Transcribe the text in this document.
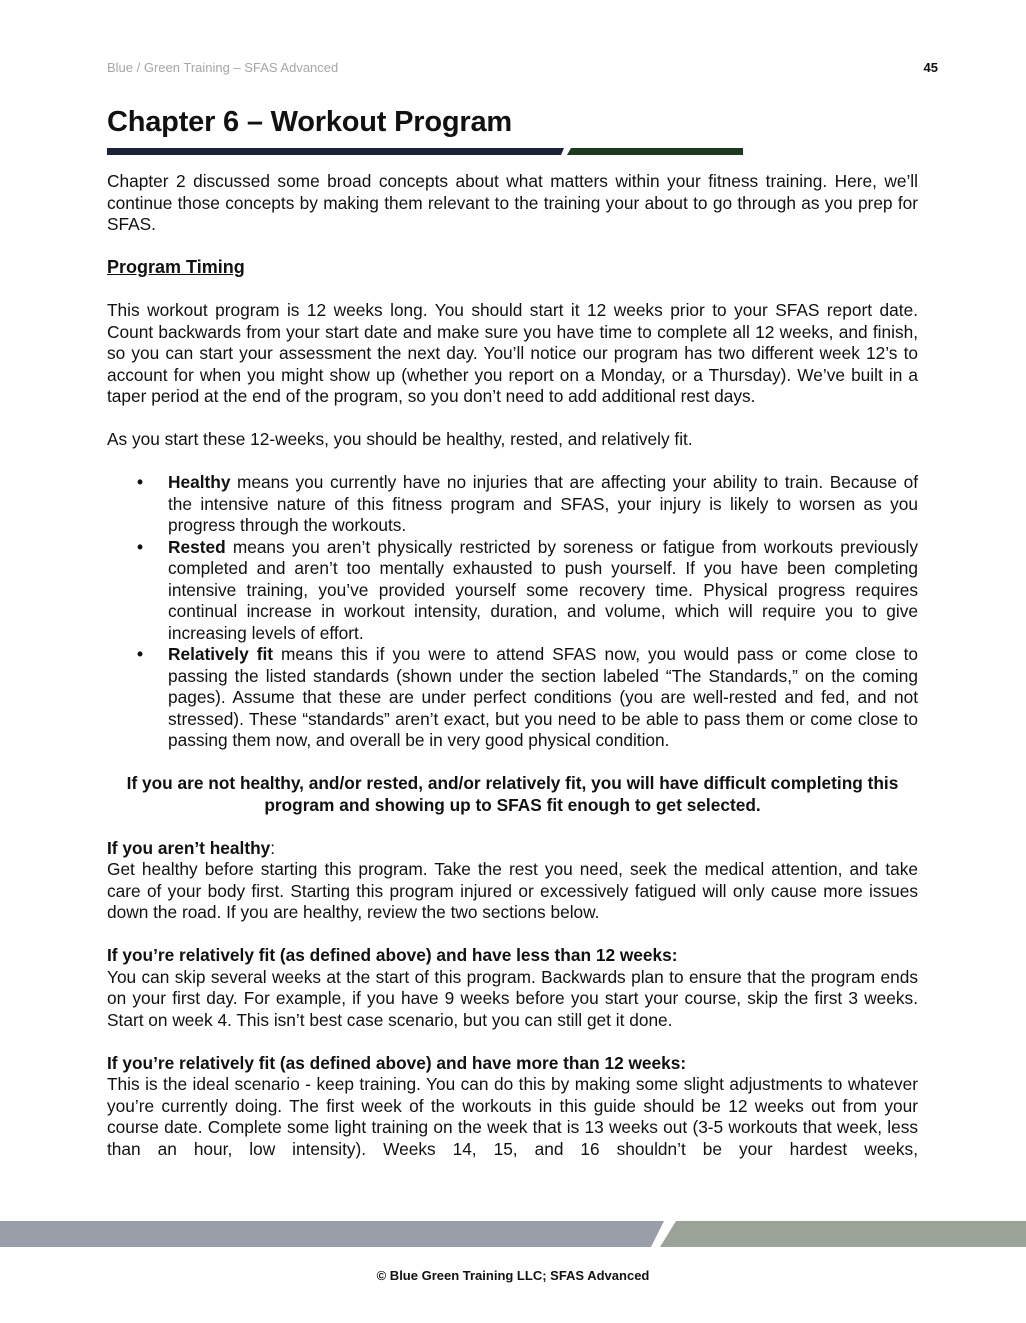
Blue / Green Training – SFAS Advanced	45
Chapter 6 – Workout Program

Chapter 2 discussed some broad concepts about what matters within your fitness training. Here, we’ll continue those concepts by making them relevant to the training your about to go through as you prep for SFAS.

Program Timing

This workout program is 12 weeks long. You should start it 12 weeks prior to your SFAS report date. Count backwards from your start date and make sure you have time to complete all 12 weeks, and finish, so you can start your assessment the next day. You’ll notice our program has two different week 12’s to account for when you might show up (whether you report on a Monday, or a Thursday). We’ve built in a taper period at the end of the program, so you don’t need to add additional rest days.

As you start these 12-weeks, you should be healthy, rested, and relatively fit.

• Healthy means you currently have no injuries that are affecting your ability to train. Because of the intensive nature of this fitness program and SFAS, your injury is likely to worsen as you progress through the workouts.
• Rested means you aren’t physically restricted by soreness or fatigue from workouts previously completed and aren’t too mentally exhausted to push yourself. If you have been completing intensive training, you’ve provided yourself some recovery time. Physical progress requires continual increase in workout intensity, duration, and volume, which will require you to give increasing levels of effort.
• Relatively fit means this if you were to attend SFAS now, you would pass or come close to passing the listed standards (shown under the section labeled “The Standards,” on the coming pages). Assume that these are under perfect conditions (you are well-rested and fed, and not stressed). These “standards” aren’t exact, but you need to be able to pass them or come close to passing them now, and overall be in very good physical condition.

If you are not healthy, and/or rested, and/or relatively fit, you will have difficult completing this program and showing up to SFAS fit enough to get selected.

If you aren’t healthy:

Get healthy before starting this program. Take the rest you need, seek the medical attention, and take care of your body first. Starting this program injured or excessively fatigued will only cause more issues down the road. If you are healthy, review the two sections below.

If you’re relatively fit (as defined above) and have less than 12 weeks:

You can skip several weeks at the start of this program. Backwards plan to ensure that the program ends on your first day. For example, if you have 9 weeks before you start your course, skip the first 3 weeks. Start on week 4. This isn’t best case scenario, but you can still get it done.

If you’re relatively fit (as defined above) and have more than 12 weeks:

This is the ideal scenario - keep training. You can do this by making some slight adjustments to whatever you’re currently doing. The first week of the workouts in this guide should be 12 weeks out from your course date. Complete some light training on the week that is 13 weeks out (3-5 workouts that week, less than an hour, low intensity). Weeks 14, 15, and 16 shouldn’t be your hardest weeks,

© Blue Green Training LLC; SFAS Advanced
